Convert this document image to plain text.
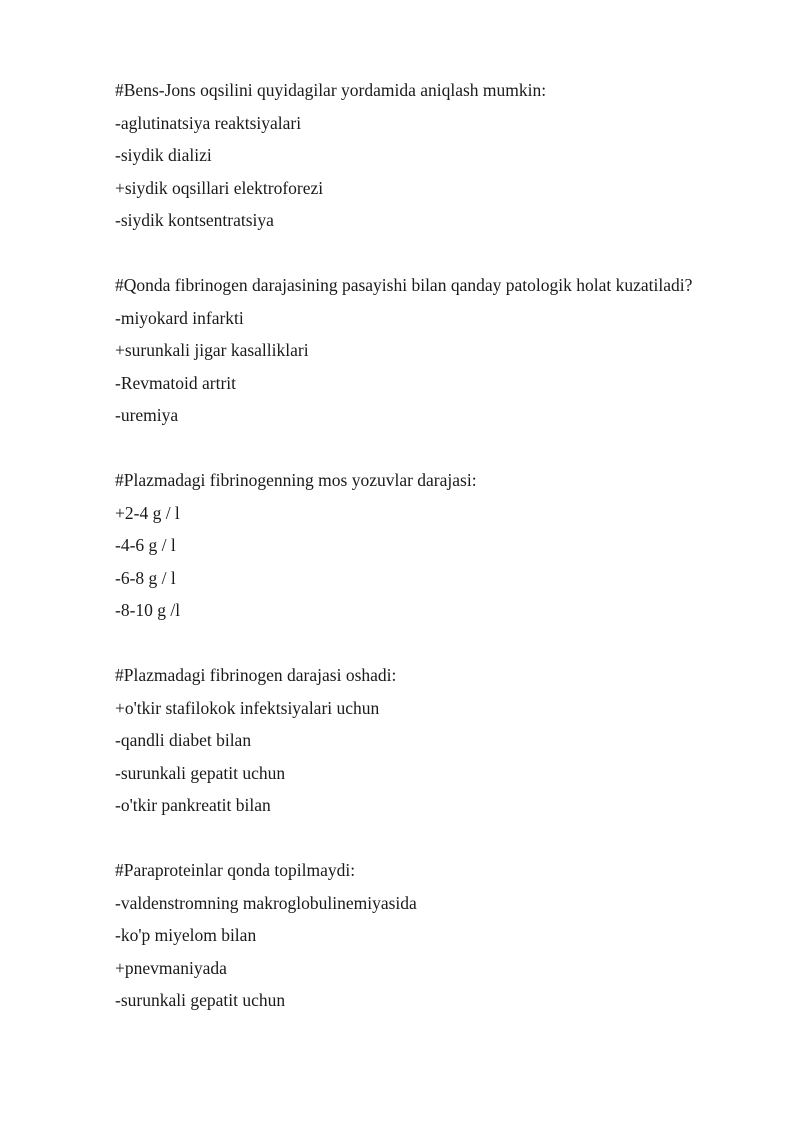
#Bens-Jons oqsilini quyidagilar yordamida aniqlash mumkin:
-aglutinatsiya reaktsiyalari
-siydik dializi
+siydik oqsillari elektroforezi
-siydik kontsentratsiya
#Qonda fibrinogen darajasining pasayishi bilan qanday patologik holat kuzatiladi?
-miyokard infarkti
+surunkali jigar kasalliklari
-Revmatoid artrit
-uremiya
#Plazmadagi fibrinogenning mos yozuvlar darajasi:
+2-4 g / l
-4-6 g / l
-6-8 g / l
-8-10 g /l
#Plazmadagi fibrinogen darajasi oshadi:
+o'tkir stafilokok infektsiyalari uchun
-qandli diabet bilan
-surunkali gepatit uchun
-o'tkir pankreatit bilan
#Paraproteinlar qonda topilmaydi:
-valdenstromning makroglobulinemiyasida
-ko'p miyelom bilan
+pnevmaniyada
-surunkali gepatit uchun
